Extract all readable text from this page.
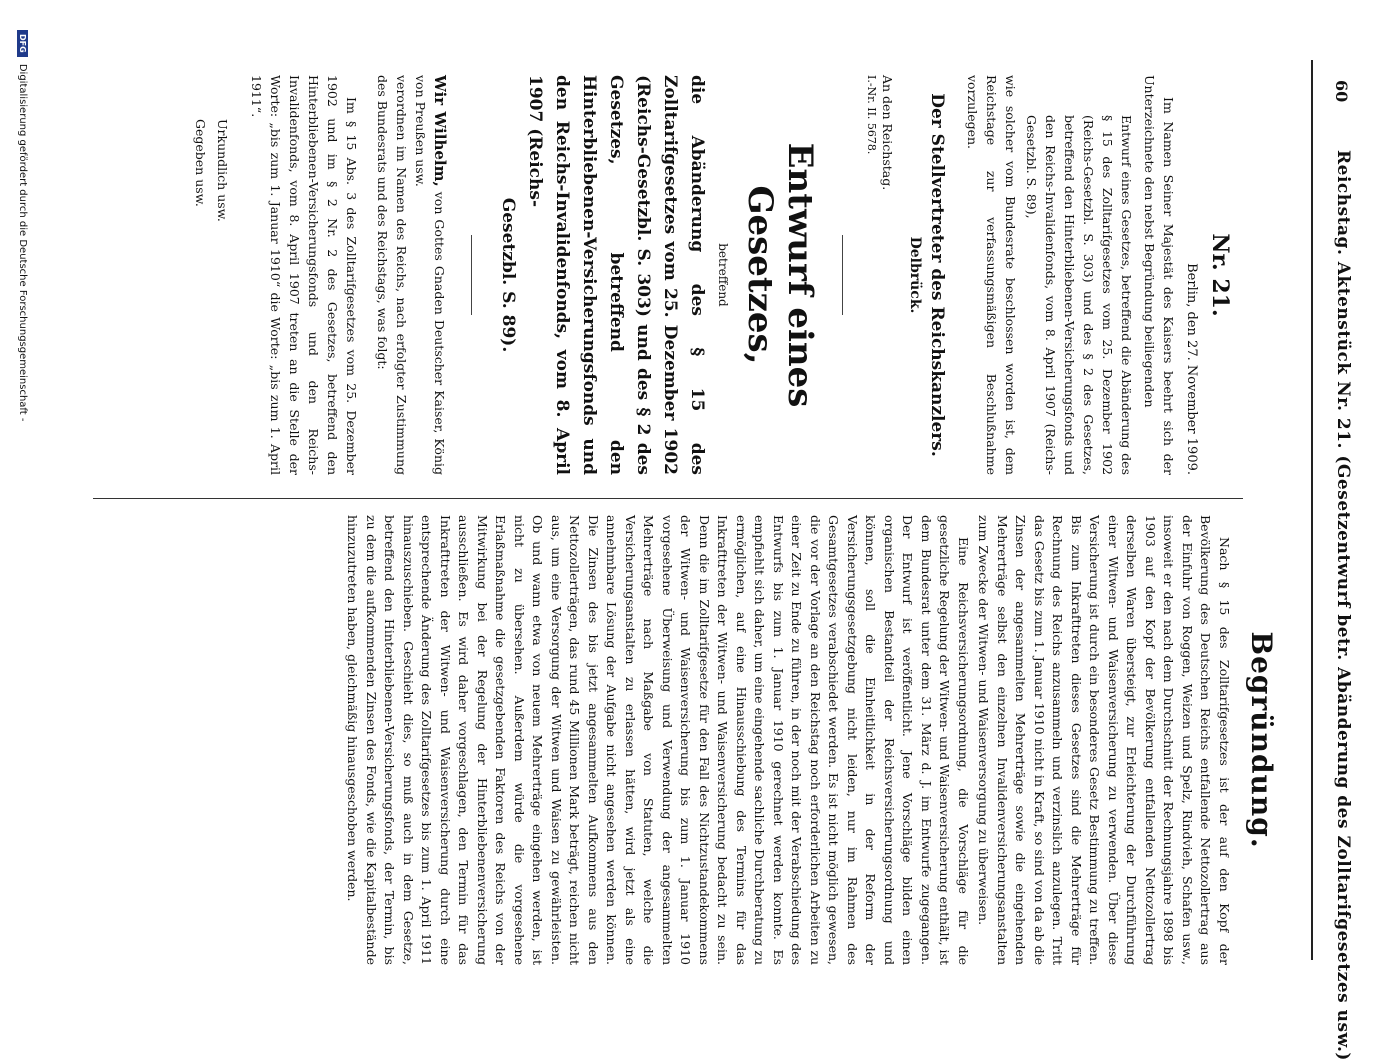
60
Reichstag. Aktenstück Nr. 21. (Gesetzentwurf betr. Abänderung des Zolltarifgesetzes usw.)

Nr. 21.

Berlin, den 27. November 1909.

Im Namen Seiner Majestät des Kaisers beehrt sich der Unterzeichnete den nebst Begründung beiliegenden

Entwurf eines Gesetzes, betreffend die Abänderung des § 15 des Zolltarifgesetzes vom 25. Dezember 1902 (Reichs-Gesetzbl. S. 303) und des § 2 des Gesetzes, betreffend den Hinterbliebenen-Versicherungsfonds und den Reichs-Invalidenfonds, vom 8. April 1907 (Reichs-Gesetzbl. S. 89),

wie solcher vom Bundesrate beschlossen worden ist, dem Reichstage zur verfassungsmäßigen Beschlußnahme vorzulegen.

Der Stellvertreter des Reichskanzlers.

Delbrück.

An den Reichstag.

I.-Nr. II. 5678.

Entwurf eines Gesetzes,

betreffend

die Abänderung des § 15 des Zolltarifgesetzes vom 25. Dezember 1902 (Reichs-Gesetzbl. S. 303) und des § 2 des Gesetzes, betreffend den Hinterbliebenen-Versicherungsfonds und den Reichs-Invalidenfonds, vom 8. April 1907 (Reichs-

Gesetzbl. S. 89).

Wir Wilhelm, von Gottes Gnaden Deutscher Kaiser, König von Preußen usw.

verordnen im Namen des Reichs, nach erfolgter Zustimmung des Bundesrats und des Reichstags, was folgt:

Im § 15 Abs. 3 des Zolltarifgesetzes vom 25. Dezember 1902 und im § 2 Nr. 2 des Gesetzes, betreffend den Hinterbliebenen-Versicherungsfonds und den Reichs-Invalidenfonds, vom 8. April 1907 treten an die Stelle der Worte: „bis zum 1. Januar 1910“ die Worte: „bis zum 1. April 1911“.

Urkundlich usw.
Gegeben usw.

Begründung.

Nach § 15 des Zolltarifgesetzes ist der auf den Kopf der Bevölkerung des Deutschen Reichs entfallende Nettozollertrag aus der Einfuhr von Roggen, Weizen und Spelz, Rindvieh, Schafen usw., insoweit er den nach dem Durchschnitt der Rechnungsjahre 1898 bis 1903 auf den Kopf der Bevölkerung entfallenden Nettozollertrag derselben Waren übersteigt, zur Erleichterung der Durchführung einer Witwen- und Waisenversicherung zu verwenden. Über diese Versicherung ist durch ein besonderes Gesetz Bestimmung zu treffen. Bis zum Inkrafttreten dieses Gesetzes sind die Mehrerträge für Rechnung des Reichs anzusammeln und verzinslich anzulegen. Tritt das Gesetz bis zum 1. Januar 1910 nicht in Kraft, so sind von da ab die Zinsen der angesammelten Mehrerträge sowie die eingehenden Mehrerträge selbst den einzelnen Invalidenversicherungsanstalten zum Zwecke der Witwen- und Waisenversorgung zu überweisen.

Eine Reichsversicherungsordnung, die Vorschläge für die gesetzliche Regelung der Witwen- und Waisenversicherung enthält, ist dem Bundesrat unter dem 31. März d. J. im Entwurfe zugegangen. Der Entwurf ist veröffentlicht. Jene Vorschläge bilden einen organischen Bestandteil der Reichsversicherungsordnung und können, soll die Einheitlichkeit in der Reform der Versicherungsgesetzgebung nicht leiden, nur im Rahmen des Gesamtgesetzes verabschiedet werden. Es ist nicht möglich gewesen, die vor der Vorlage an den Reichstag noch erforderlichen Arbeiten zu einer Zeit zu Ende zu führen, in der noch mit der Verabschiedung des Entwurfs bis zum 1. Januar 1910 gerechnet werden konnte. Es empfiehlt sich daher, um eine eingehende sachliche Durchberatung zu ermöglichen, auf eine Hinausschiebung des Termins für das Inkrafttreten der Witwen- und Waisenversicherung bedacht zu sein. Denn die im Zolltarifgesetze für den Fall des Nichtzustandekommens der Witwen- und Waisenversicherung bis zum 1. Januar 1910 vorgesehene Überweisung und Verwendung der angesammelten Mehrerträge nach Maßgabe von Statuten, welche die Versicherungsanstalten zu erlassen hätten, wird jetzt als eine annehmbare Lösung der Aufgabe nicht angesehen werden können. Die Zinsen des bis jetzt angesammelten Aufkommens aus den Nettozollerträgen, das rund 45 Millionen Mark beträgt, reichen nicht aus, um eine Versorgung der Witwen und Waisen zu gewährleisten. Ob und wann etwa von neuem Mehrerträge eingehen werden, ist nicht zu übersehen. Außerdem würde die vorgesehene Erlaßmaßnahme die gesetzgebenden Faktoren des Reichs von der Mitwirkung bei der Regelung der Hinterbliebenenversicherung ausschließen. Es wird daher vorgeschlagen, den Termin für das Inkrafttreten der Witwen- und Waisenversicherung durch eine entsprechende Änderung des Zolltarifgesetzes bis zum 1. April 1911 hinauszuschieben. Geschieht dies, so muß auch in dem Gesetze, betreffend den Hinterbliebenen-Versicherungsfonds, der Termin, bis zu dem die aufkommenden Zinsen des Fonds, wie die Kapitalbestände hinzuzutreten haben, gleichmäßig hinausgeschoben werden.

DFG Digitalisierung gefördert durch die Deutsche Forschungsgemeinschaft -
